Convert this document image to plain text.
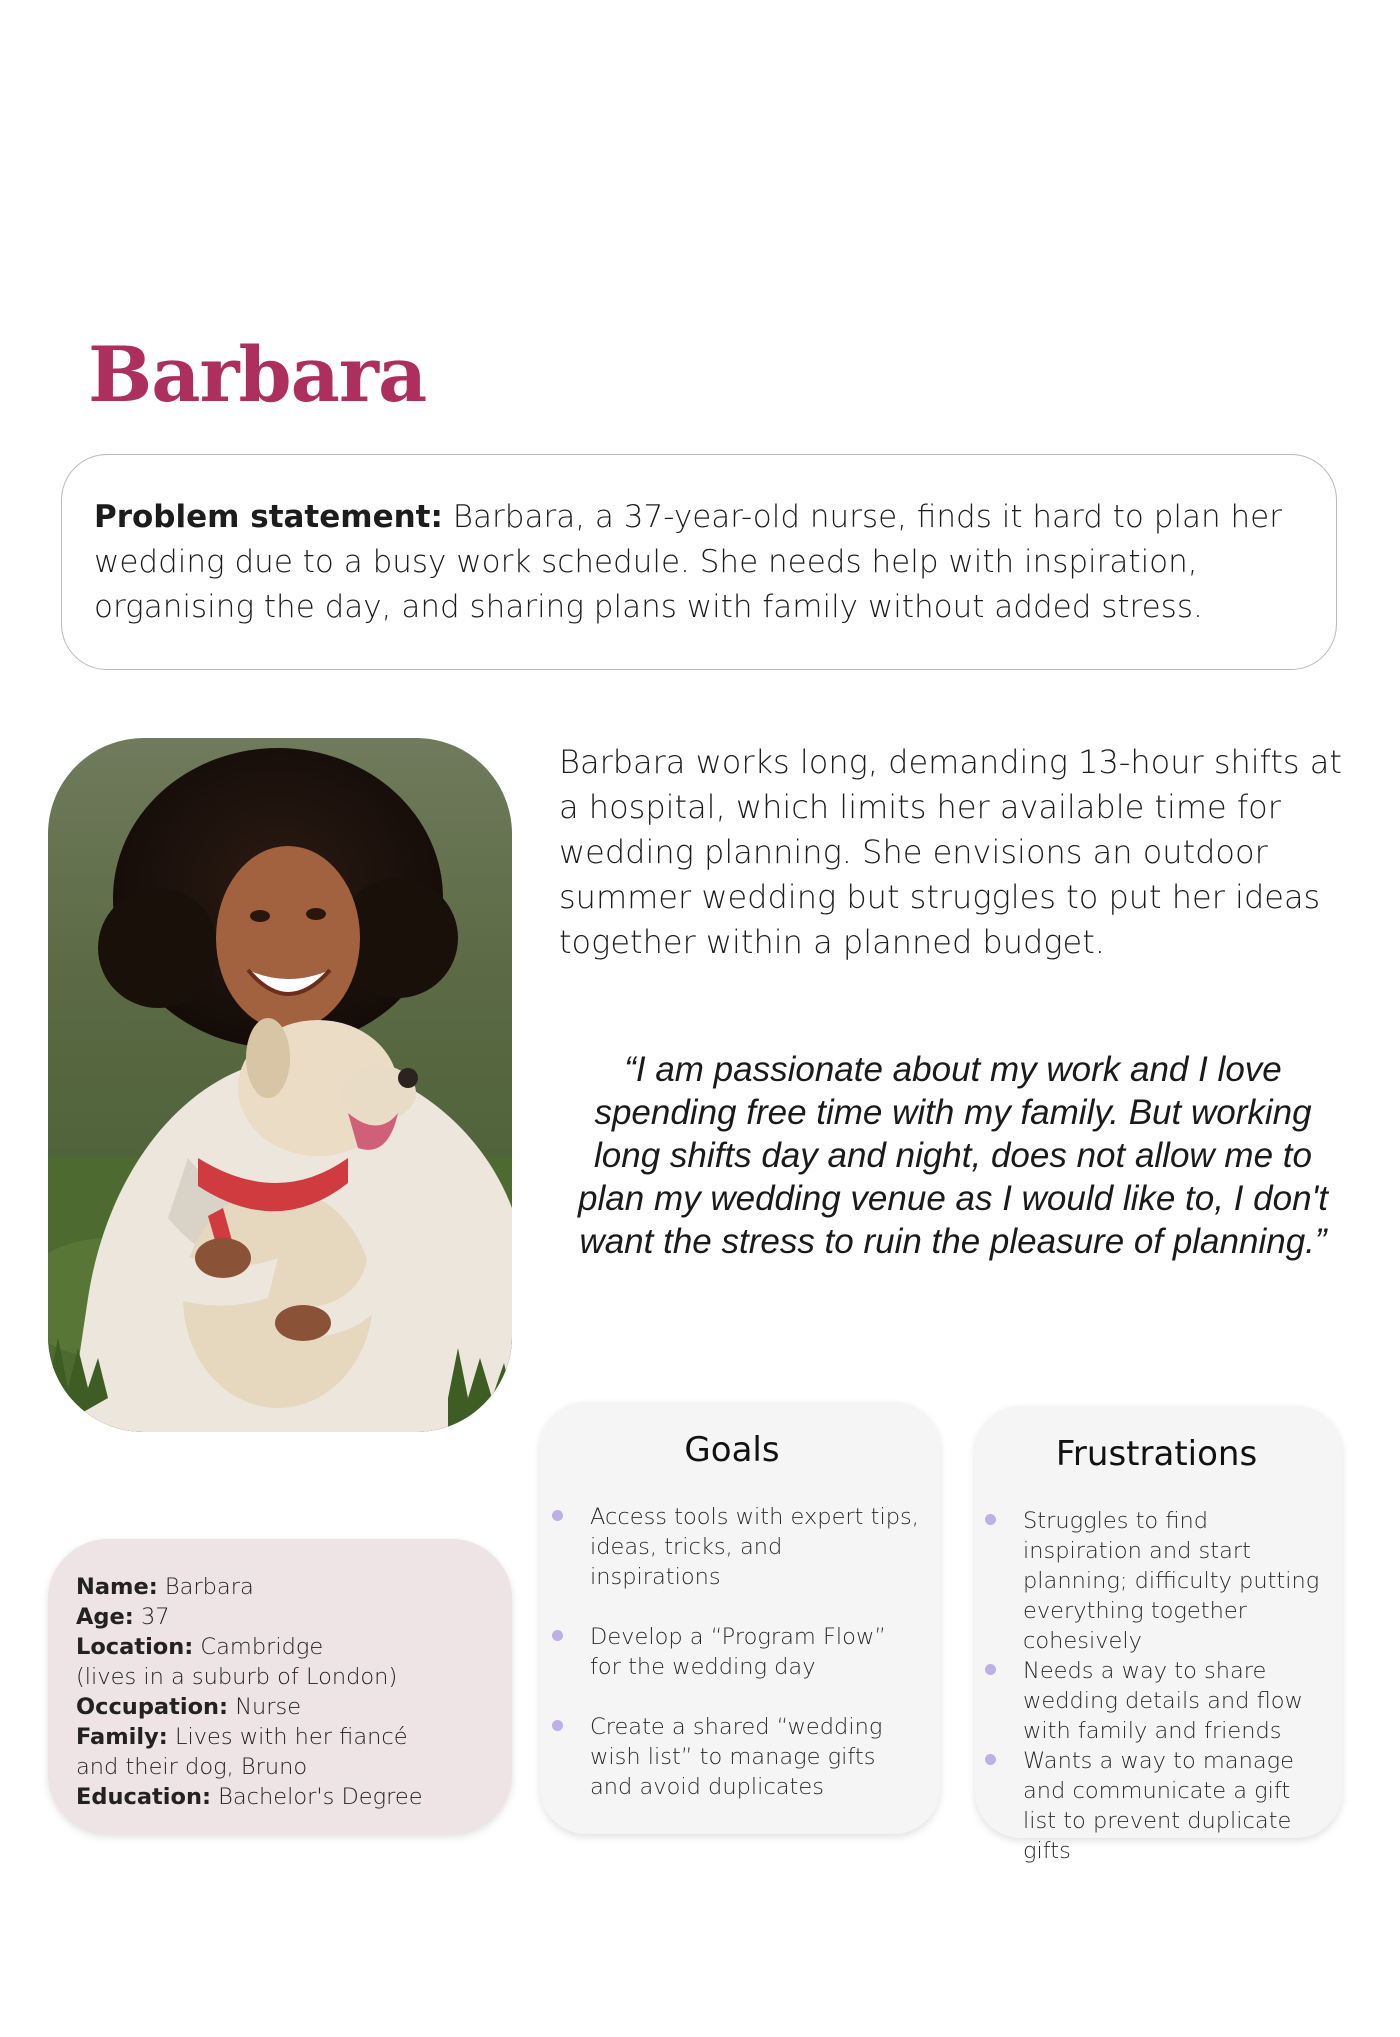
Barbara
Problem statement: Barbara, a 37-year-old nurse, finds it hard to plan her wedding due to a busy work schedule. She needs help with inspiration, organising the day, and sharing plans with family without added stress.

Barbara works long, demanding 13-hour shifts at a hospital, which limits her available time for wedding planning. She envisions an outdoor summer wedding but struggles to put her ideas together within a planned budget.

“I am passionate about my work and I love spending free time with my family. But working long shifts day and night, does not allow me to plan my wedding venue as I would like to, I don't want the stress to ruin the pleasure of planning.”

Goals
Access tools with expert tips, ideas, tricks, and inspirations
Develop a “Program Flow” for the wedding day
Create a shared “wedding wish list” to manage gifts and avoid duplicates
Frustrations
Struggles to find inspiration and start planning; difficulty putting everything together cohesively
Needs a way to share wedding details and flow with family and friends
Wants a way to manage and communicate a gift list to prevent duplicate gifts
Name: Barbara
Age: 37
Location: Cambridge
(lives in a suburb of London)
Occupation: Nurse
Family: Lives with her fiancé
and their dog, Bruno
Education: Bachelor's Degree
